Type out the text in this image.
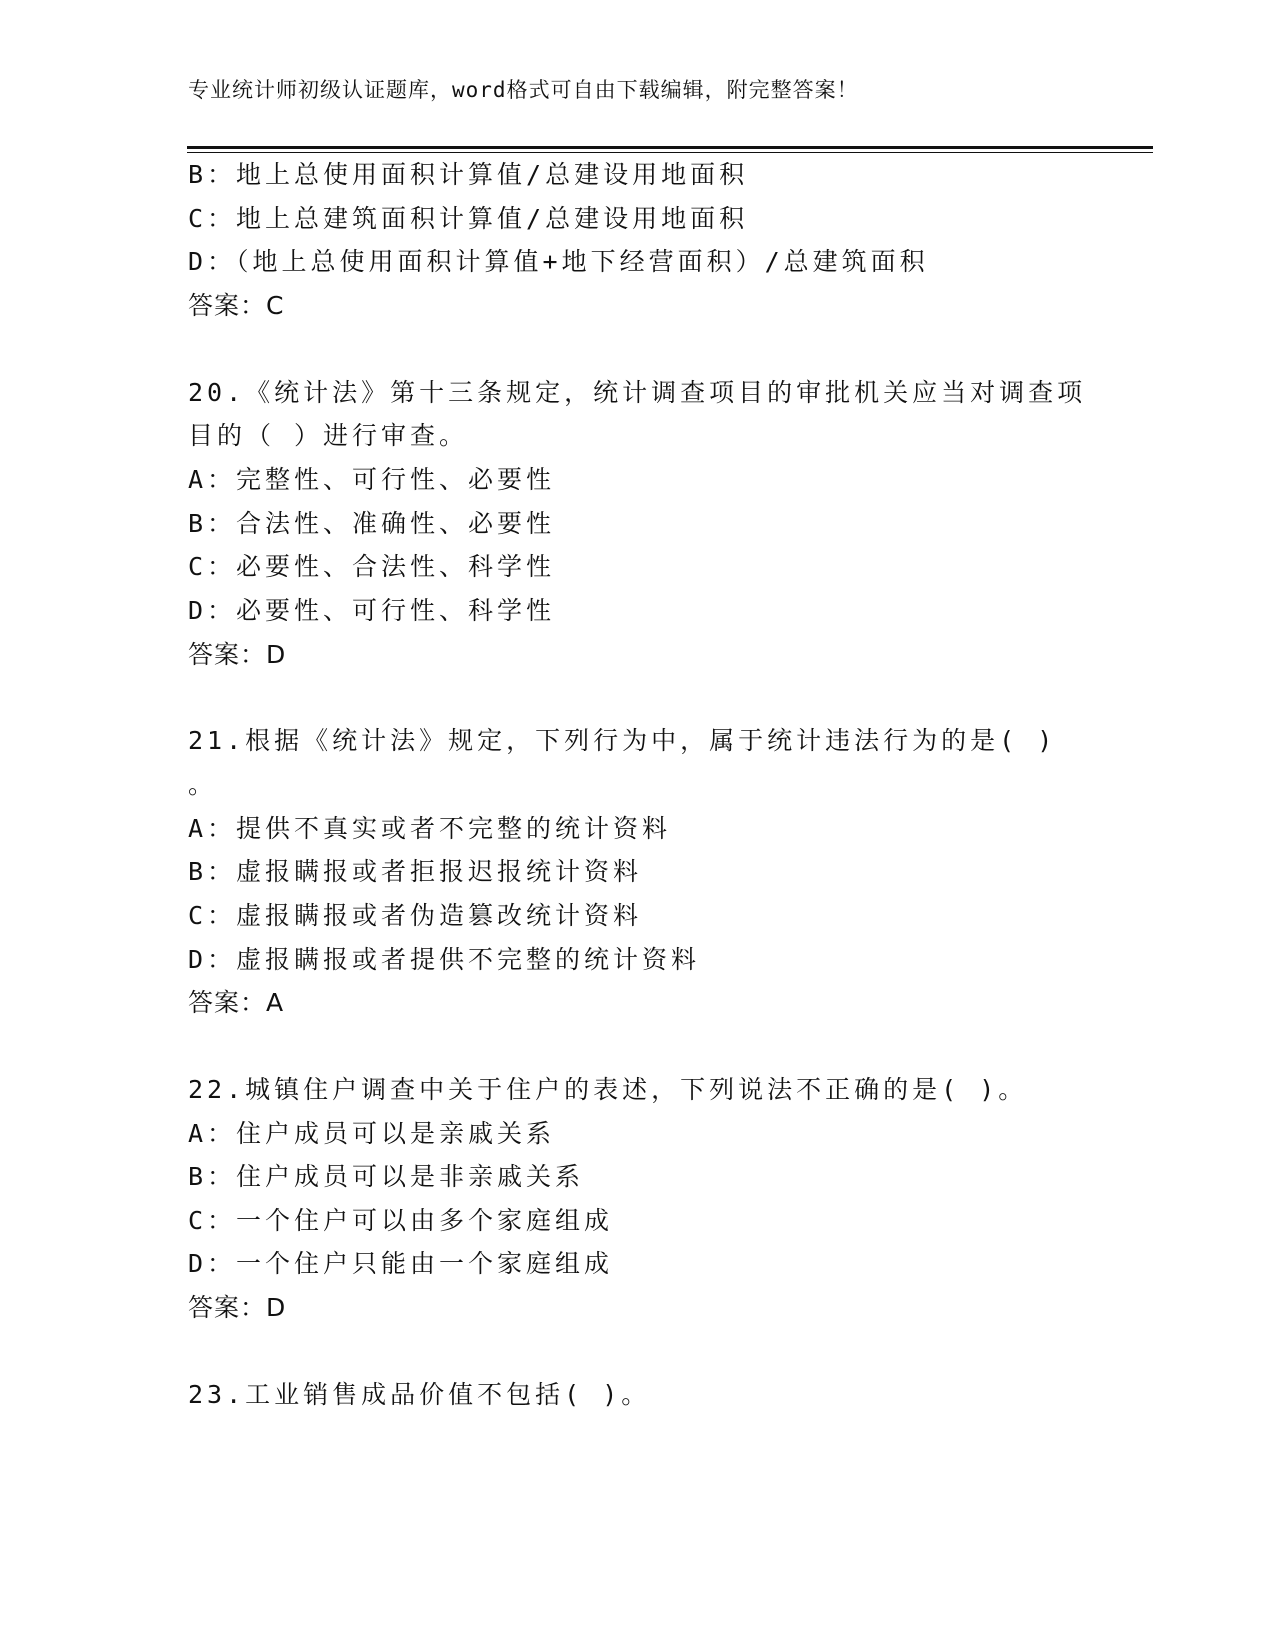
专业统计师初级认证题库，word格式可自由下载编辑，附完整答案！
B：地上总使用面积计算值/总建设用地面积
C：地上总建筑面积计算值/总建设用地面积
D：（地上总使用面积计算值+地下经营面积）/总建筑面积
答案：C
20.《统计法》第十三条规定，统计调查项目的审批机关应当对调查项
目的（ ）进行审查。
A：完整性、可行性、必要性
B：合法性、准确性、必要性
C：必要性、合法性、科学性
D：必要性、可行性、科学性
答案：D
21.根据《统计法》规定，下列行为中，属于统计违法行为的是( )
。
A：提供不真实或者不完整的统计资料
B：虚报瞒报或者拒报迟报统计资料
C：虚报瞒报或者伪造篡改统计资料
D：虚报瞒报或者提供不完整的统计资料
答案：A
22.城镇住户调查中关于住户的表述，下列说法不正确的是( )。
A：住户成员可以是亲戚关系
B：住户成员可以是非亲戚关系
C：一个住户可以由多个家庭组成
D：一个住户只能由一个家庭组成
答案：D
23.工业销售成品价值不包括( )。
